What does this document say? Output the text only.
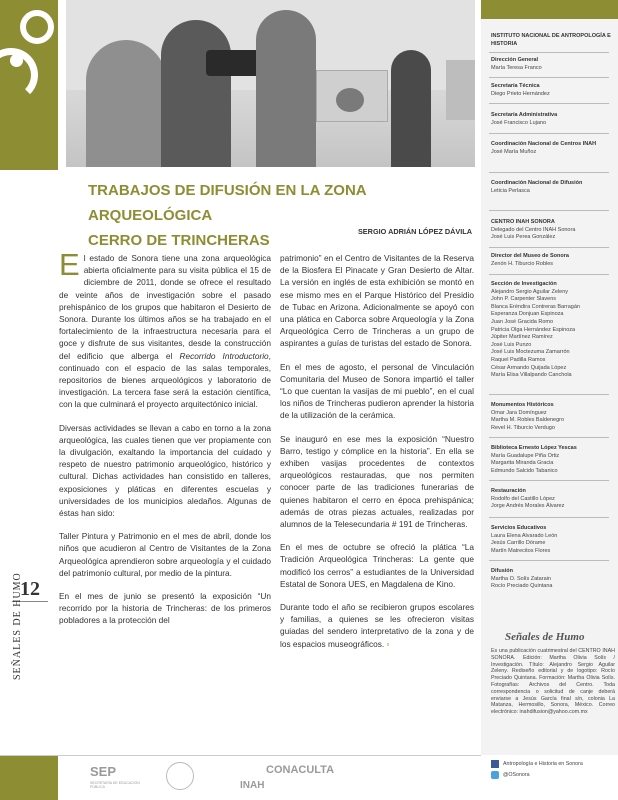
12
SEÑALES DE HUMO
TRABAJOS DE DIFUSIÓN EN LA ZONA ARQUEOLÓGICA
CERRO DE TRINCHERAS
SERGIO ADRIÁN LÓPEZ DÁVILA

El estado de Sonora tiene una zona arqueológica abierta oficialmente para su visita pública el 15 de diciembre de 2011, donde se ofrece el resultado de veinte años de investigación sobre el pasado prehispánico de los grupos que habitaron el Desierto de Sonora. Durante los últimos años se ha trabajado en el fortalecimiento de la infraestructura necesaria para el goce y disfrute de sus visitantes, desde la construcción del edificio que alberga el Recorrido Introductorio, continuado con el espacio de las salas temporales, repositorios de bienes arqueológicos y laboratorio de investigación. La tercera fase será la estación científica, con la que culminará el proyecto arquitectónico inicial.

Diversas actividades se llevan a cabo en torno a la zona arqueológica, las cuales tienen que ver propiamente con la divulgación, exaltando la importancia del cuidado y respeto de nuestro patrimonio arqueológico, histórico y cultural. Dichas actividades han consistido en talleres, exposiciones y pláticas en diferentes escuelas y universidades de los municipios aledaños. Algunas de éstas han sido:

Taller Pintura y Patrimonio en el mes de abril, donde los niños que acudieron al Centro de Visitantes de la Zona Arqueológica aprendieron sobre arqueología y el cuidado del patrimonio cultural, por medio de la pintura.

En el mes de junio se presentó la exposición “Un recorrido por la historia de Trincheras: de los primeros pobladores a la protección del

patrimonio” en el Centro de Visitantes de la Reserva de la Biosfera El Pinacate y Gran Desierto de Altar. La versión en inglés de esta exhibición se montó en ese mismo mes en el Parque Histórico del Presidio de Tubac en Arizona. Adicionalmente se apoyó con una plática en Caborca sobre Arqueología y la Zona Arqueológica Cerro de Trincheras a un grupo de aspirantes a guías de turistas del estado de Sonora.

En el mes de agosto, el personal de Vinculación Comunitaria del Museo de Sonora impartió el taller “Lo que cuentan la vasijas de mi pueblo”, en el cual los niños de Trincheras pudieron aprender la historia de la utilización de la cerámica.

Se inauguró en ese mes la exposición “Nuestro Barro, testigo y cómplice en la historia”. En ella se exhiben vasijas procedentes de contextos arqueológicos restauradas, que nos permiten conocer parte de las tradiciones funerarias de quienes habitaron el cerro en época prehispánica; además de otras piezas actuales, realizadas por alumnos de la Telesecundaria # 191 de Trincheras.

En el mes de octubre se ofreció la plática “La Tradición Arqueológica Trincheras: La gente que modificó los cerros” a estudiantes de la Universidad Estatal de Sonora UES, en Magdalena de Kino.

Durante todo el año se recibieron grupos escolares y familias, a quienes se les ofrecieron visitas guiadas del sendero interpretativo de la zona y de los espacios museográficos. ▫

INSTITUTO NACIONAL DE ANTROPOLOGÍA E HISTORIA
Dirección General
María Teresa Franco
Secretaría Técnica
Diego Prieto Hernández
Secretaría Administrativa
José Francisco Lujano
Coordinación Nacional de Centros INAH
José María Muñoz
Coordinación Nacional de Difusión
Leticia Perlasca
CENTRO INAH SONORA
Delegado del Centro INAH Sonora
José Luis Perea González
Director del Museo de Sonora
Zenón H. Tiburcio Robles
Sección de Investigación
Alejandro Sergio Aguilar Zeleny
John P. Carpenter Slavens
Blanca Eréndira Contreras Barragán
Esperanza Donjuan Espinoza
Juan José Gracida Romo
Patricia Olga Hernández Espinoza
Júpiter Martínez Ramírez
José Luis Punzo
José Luis Moctezuma Zamarrón
Raquel Padilla Ramos
César Armando Quijada López
María Elisa Villalpando Canchola
Monumentos Históricos
Omar Jara Domínguez
Martha M. Robles Baldenegro
Revel H. Tiburcio Verdugo
Biblioteca Ernesto López Yescas
María Guadalupe Piña Ortiz
Margarita Miranda Gracia
Edmundo Salcido Tabanico
Restauración
Rodolfo del Castillo López
Jorge Andrés Morales Álvarez
Servicios Educativos
Laura Elena Alvarado León
Jesús Carrillo Dórame
Martín Matrecitos Flores
Difusión
Martha O. Solís Zatarain
Rocío Preciado Quintana
Señales de Humo
Es una publicación cuatrimestral del CENTRO INAH SONORA. Edición: Martha Olivia Solís / Investigación. Título: Alejandro Sergio Aguilar Zeleny. Rediseño editorial y de logotipo: Rocío Preciado Quintana. Formación: Martha Olivia Solís. Fotografías: Archivos del Centro. Toda correspondencia o solicitud de canje deberá enviarse a Jesús García final s/n, colonia La Matanza, Hermosillo, Sonora, México. Correo electrónico: inahdifusion@yahoo.com.mx
Antropología e Historia en Sonora
@OSonora
SEP
SECRETARÍA DE EDUCACIÓN PÚBLICA
CONACULTA
INAH
